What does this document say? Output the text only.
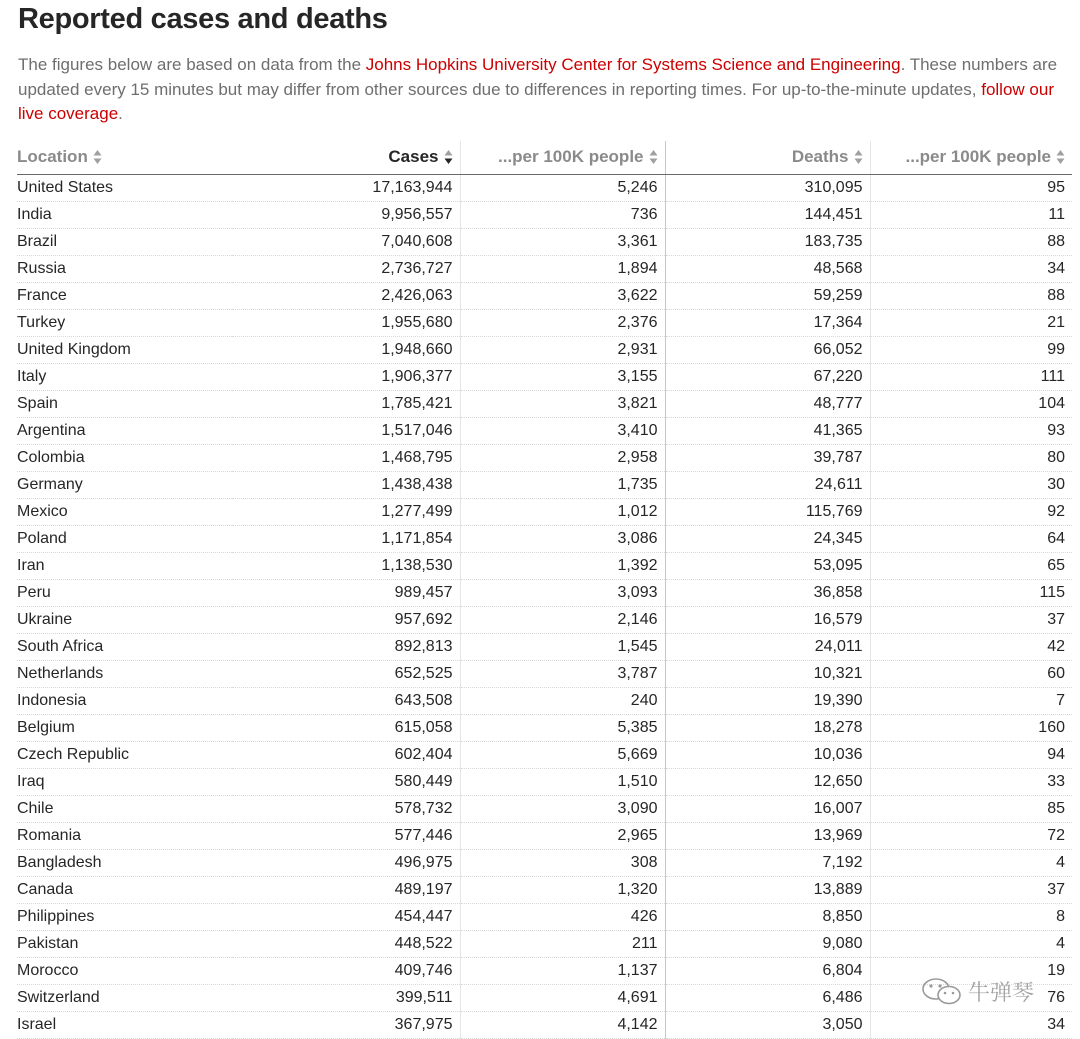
Reported cases and deaths

The figures below are based on data from the Johns Hopkins University Center for Systems Science and Engineering. These numbers are updated every 15 minutes but may differ from other sources due to differences in reporting times. For up-to-the-minute updates, follow our live coverage.

Location	Cases	...per 100K people	Deaths	...per 100K people

United States	17,163,944	5,246	310,095	95
India	9,956,557	736	144,451	11
Brazil	7,040,608	3,361	183,735	88
Russia	2,736,727	1,894	48,568	34
France	2,426,063	3,622	59,259	88
Turkey	1,955,680	2,376	17,364	21
United Kingdom	1,948,660	2,931	66,052	99
Italy	1,906,377	3,155	67,220	111
Spain	1,785,421	3,821	48,777	104
Argentina	1,517,046	3,410	41,365	93
Colombia	1,468,795	2,958	39,787	80
Germany	1,438,438	1,735	24,611	30
Mexico	1,277,499	1,012	115,769	92
Poland	1,171,854	3,086	24,345	64
Iran	1,138,530	1,392	53,095	65
Peru	989,457	3,093	36,858	115
Ukraine	957,692	2,146	16,579	37
South Africa	892,813	1,545	24,011	42
Netherlands	652,525	3,787	10,321	60
Indonesia	643,508	240	19,390	7
Belgium	615,058	5,385	18,278	160
Czech Republic	602,404	5,669	10,036	94
Iraq	580,449	1,510	12,650	33
Chile	578,732	3,090	16,007	85
Romania	577,446	2,965	13,969	72
Bangladesh	496,975	308	7,192	4
Canada	489,197	1,320	13,889	37
Philippines	454,447	426	8,850	8
Pakistan	448,522	211	9,080	4
Morocco	409,746	1,137	6,804	19
Switzerland	399,511	4,691	6,486	76
Israel	367,975	4,142	3,050	34
牛弹琴
